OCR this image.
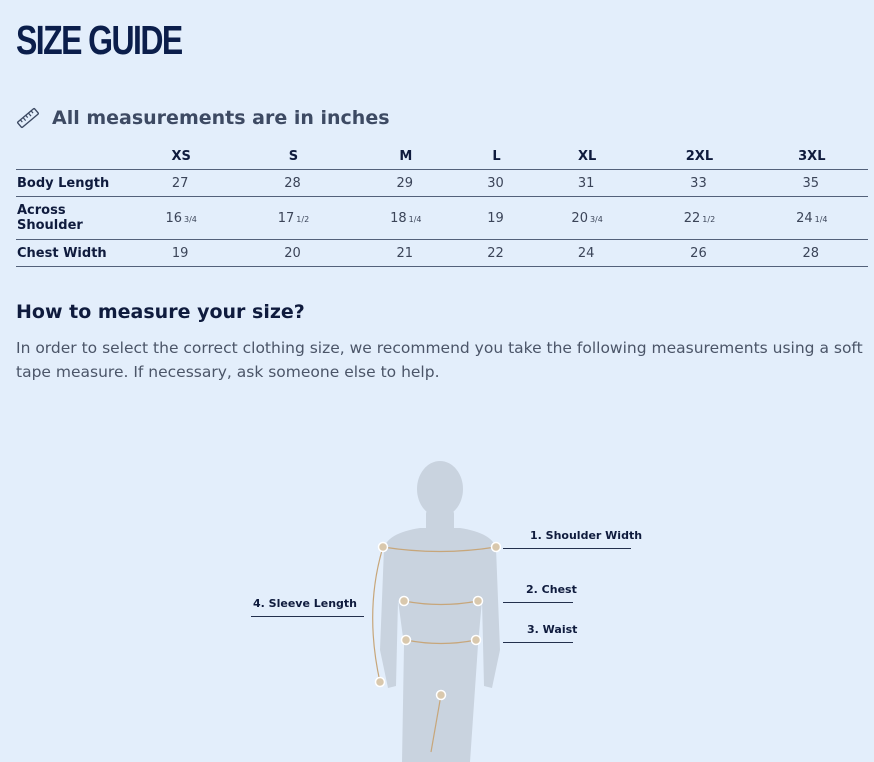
SIZE GUIDE
All measurements are in inches
	XS	S	M	L	XL	2XL	3XL
Body Length	27	28	29	30	31	33	35
Across Shoulder	16 3/4	17 1/2	18 1/4	19	20 3/4	22 1/2	24 1/4
Chest Width	19	20	21	22	24	26	28
How to measure your size?
In order to select the correct clothing size, we recommend you take the following measurements using a soft tape measure. If necessary, ask someone else to help.
1. Shoulder Width
2. Chest
3. Waist
4. Sleeve Length
